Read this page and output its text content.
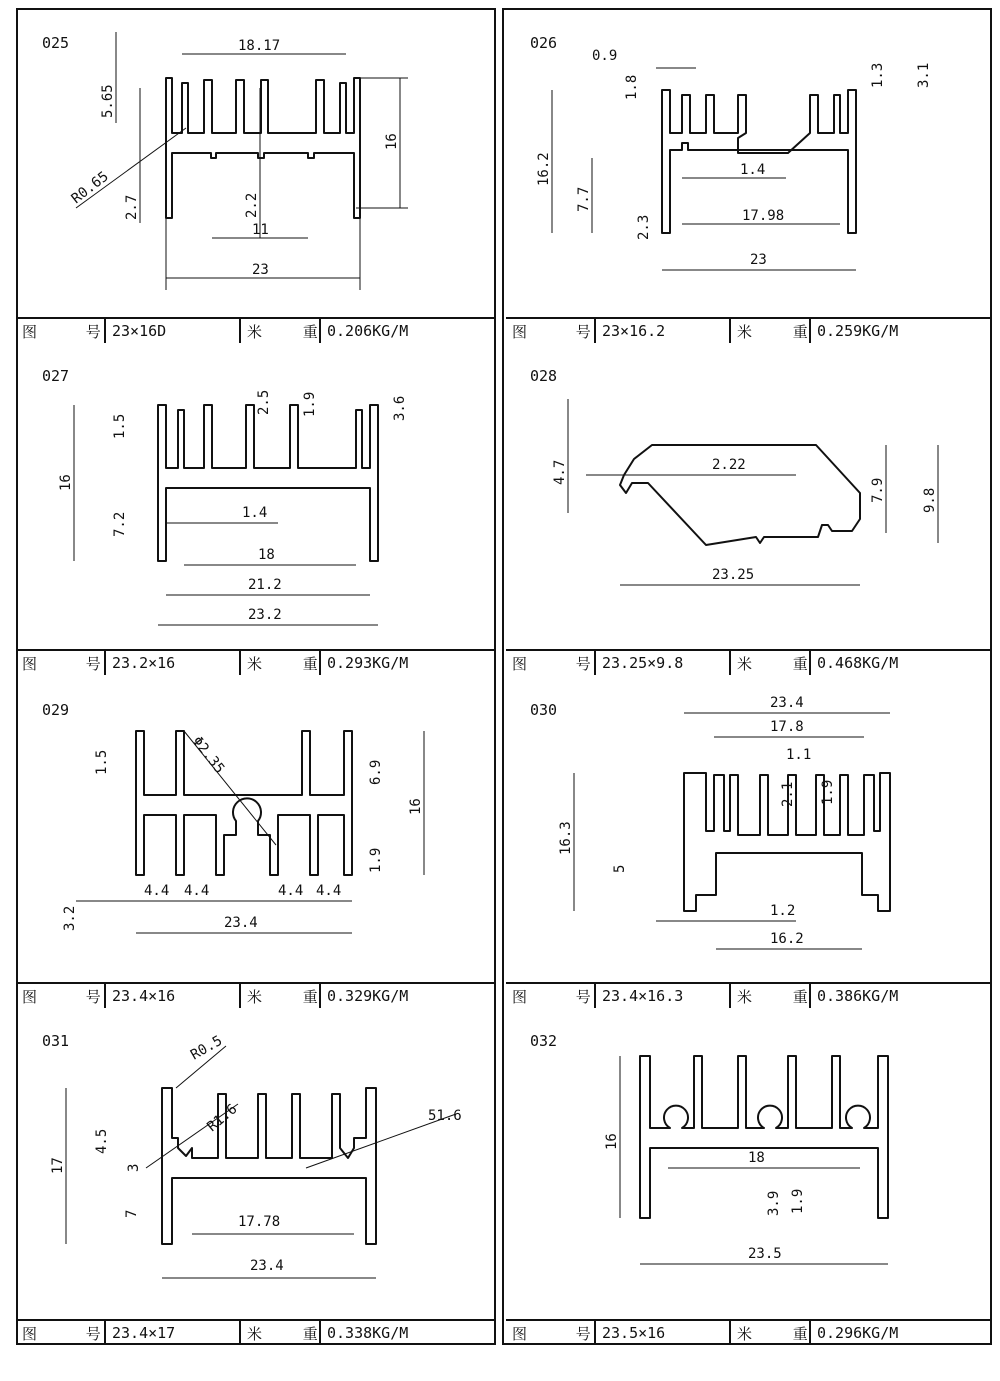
025	18.17
5.65
R0.65
2.7
16
2.2
11
23
图 号
23×16D	米 重
0.206KG/M
026
0.9
1.8	1.3 3.1
16.2
7.7
1.4
2.3	17.98
23
图 号
23×16.2	米 重
0.259KG/M
027
16
1.5
2.5 1.9	3.6
7.2	1.4
18
21.2
23.2
图 号
23.2×16	米 重
0.293KG/M
028
4.7	2.22
7.9	9.8
23.25
图 号
23.25×9.8	米 重
0.468KG/M
029
1.5	Φ2.35	6.9
16
1.9
3.2
4.4 4.4	4.4 4.4
23.4
图 号
23.4×16	米 重
0.329KG/M
030	23.4
17.8
1.1
2.1 1.9
16.3
5
1.2
16.2
图 号
23.4×16.3	米 重
0.386KG/M
031	R0.5
R1.6	51.6
17
4.5
3
7
17.78
23.4
图 号
23.4×17	米 重
0.338KG/M
032
16
18
3.9 1.9
23.5
图 号
23.5×16	米 重
0.296KG/M
